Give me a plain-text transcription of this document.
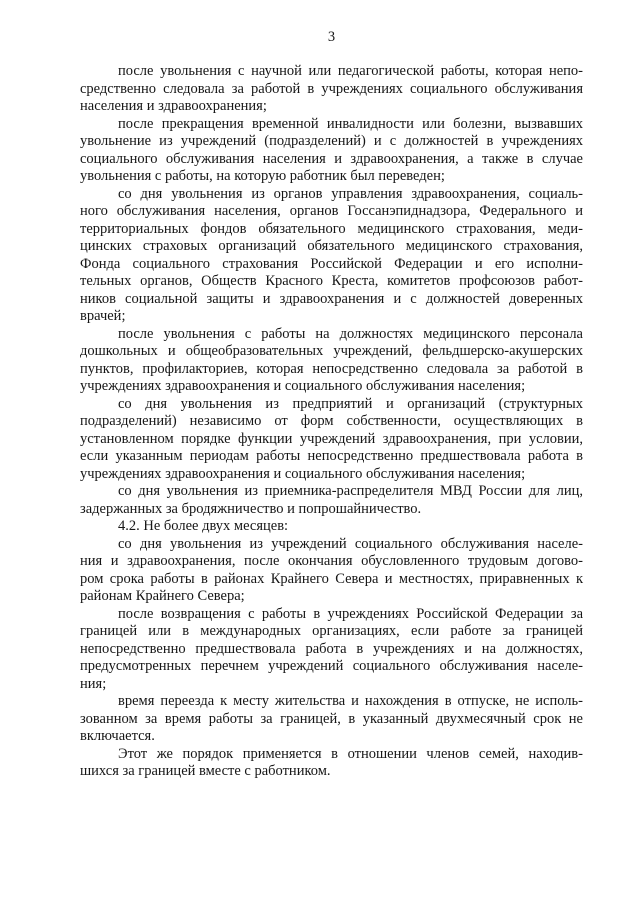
3
после увольнения с научной или педагогической работы, которая непо-
средственно следовала за работой в учреждениях социального обслуживания
населения и здравоохранения;
после прекращения временной инвалидности или болезни, вызвавших
увольнение из учреждений (подразделений) и с должностей в учреждениях
социального обслуживания населения и здравоохранения, а также в случае
увольнения с работы, на которую работник был переведен;
со дня увольнения из органов управления здравоохранения, социаль-
ного обслуживания населения, органов Госсанэпиднадзора, Федерального и
территориальных фондов обязательного медицинского страхования, меди-
цинских страховых организаций обязательного медицинского страхования,
Фонда социального страхования Российской Федерации и его исполни-
тельных органов, Обществ Красного Креста, комитетов профсоюзов работ-
ников социальной защиты и здравоохранения и с должностей доверенных
врачей;
после увольнения с работы на должностях медицинского персонала
дошкольных и общеобразовательных учреждений, фельдшерско-акушерских
пунктов, профилакториев, которая непосредственно следовала за работой в
учреждениях здравоохранения и социального обслуживания населения;
со дня увольнения из предприятий и организаций (структурных
подразделений) независимо от форм собственности, осуществляющих в
установленном порядке функции учреждений здравоохранения, при условии,
если указанным периодам работы непосредственно предшествовала работа в
учреждениях здравоохранения и социального обслуживания населения;
со дня увольнения из приемника-распределителя МВД России для лиц,
задержанных за бродяжничество и попрошайничество.
4.2. Не более двух месяцев:
со дня увольнения из учреждений социального обслуживания населе-
ния и здравоохранения, после окончания обусловленного трудовым догово-
ром срока работы в районах Крайнего Севера и местностях, приравненных к
районам Крайнего Севера;
после возвращения с работы в учреждениях Российской Федерации за
границей или в международных организациях, если работе за границей
непосредственно предшествовала работа в учреждениях и на должностях,
предусмотренных перечнем учреждений социального обслуживания населе-
ния;
время переезда к месту жительства и нахождения в отпуске, не исполь-
зованном за время работы за границей, в указанный двухмесячный срок не
включается.
Этот же порядок применяется в отношении членов семей, находив-
шихся за границей вместе с работником.
